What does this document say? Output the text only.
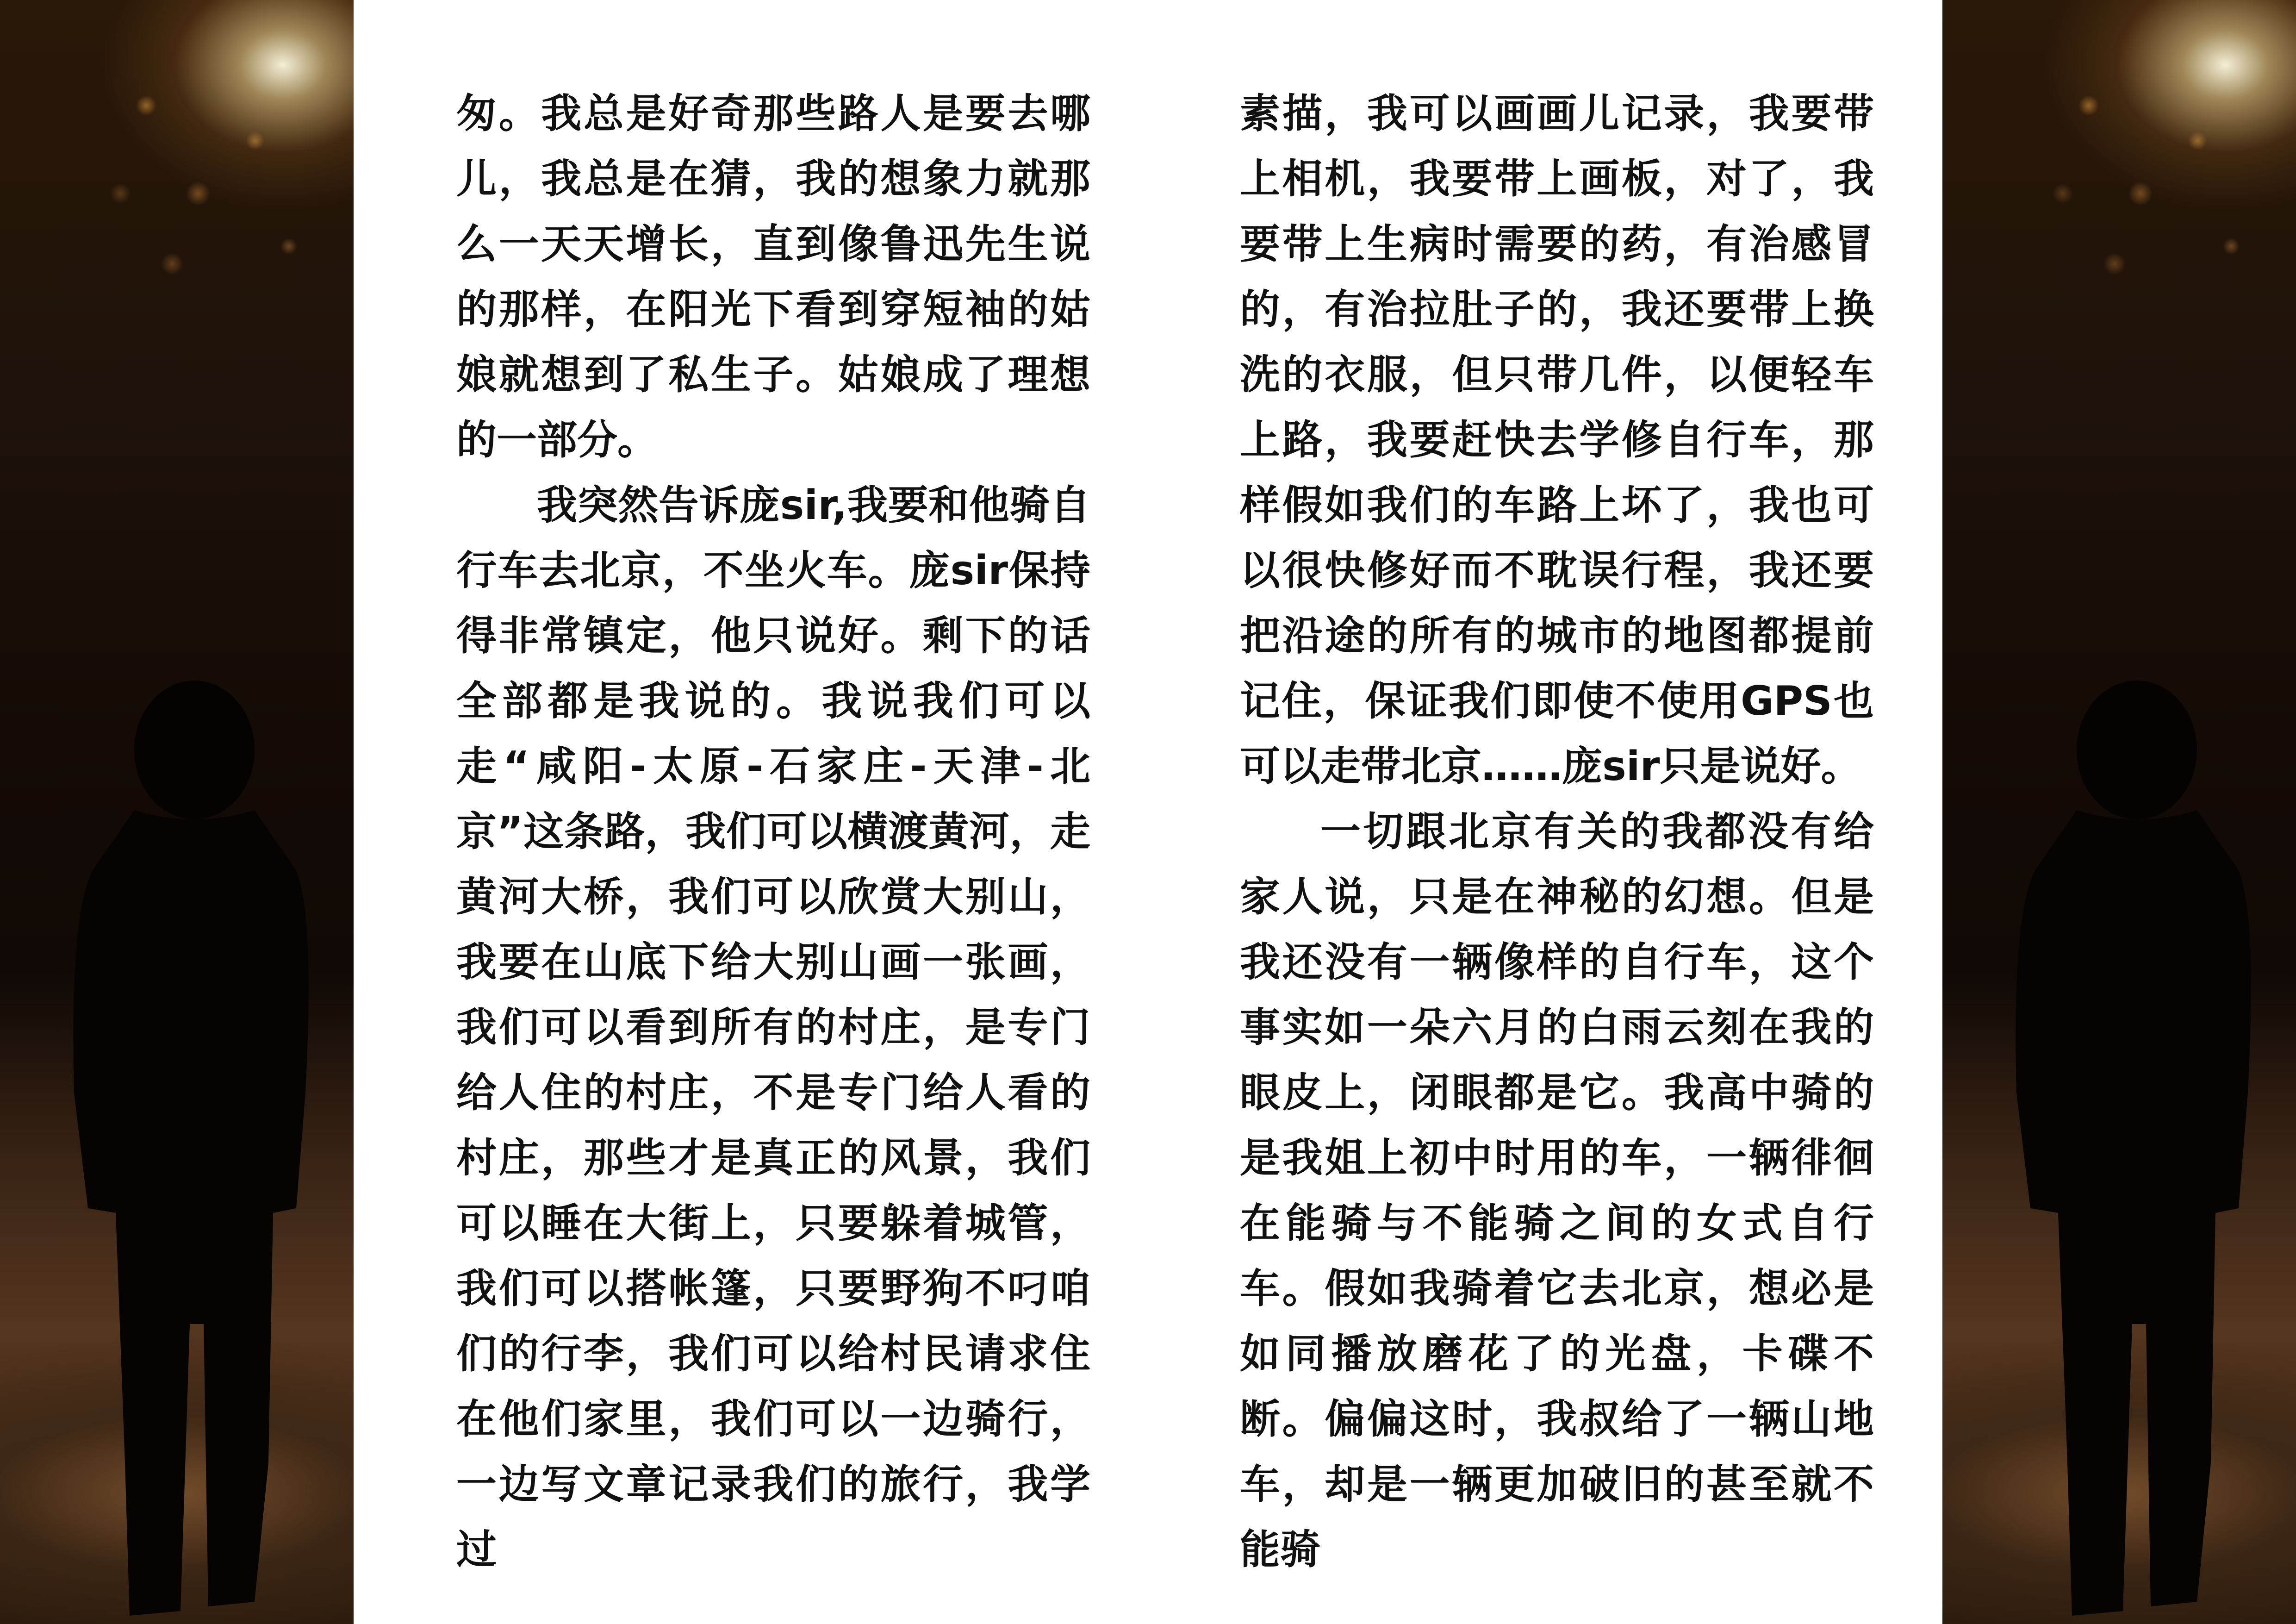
匆。我总是好奇那些路人是要去哪儿，我总是在猜，我的想象力就那么一天天增长，直到像鲁迅先生说的那样，在阳光下看到穿短袖的姑娘就想到了私生子。姑娘成了理想的一部分。

我突然告诉庞sir,我要和他骑自行车去北京，不坐火车。庞sir保持得非常镇定，他只说好。剩下的话全部都是我说的。我说我们可以走“咸阳-太原-石家庄-天津-北京”这条路，我们可以横渡黄河，走黄河大桥，我们可以欣赏大别山，我要在山底下给大别山画一张画，我们可以看到所有的村庄，是专门给人住的村庄，不是专门给人看的村庄，那些才是真正的风景，我们可以睡在大街上，只要躲着城管，我们可以搭帐篷，只要野狗不叼咱们的行李，我们可以给村民请求住在他们家里，我们可以一边骑行，一边写文章记录我们的旅行，我学过

素描，我可以画画儿记录，我要带上相机，我要带上画板，对了，我要带上生病时需要的药，有治感冒的，有治拉肚子的，我还要带上换洗的衣服，但只带几件，以便轻车上路，我要赶快去学修自行车，那样假如我们的车路上坏了，我也可以很快修好而不耽误行程，我还要把沿途的所有的城市的地图都提前记住，保证我们即使不使用GPS也可以走带北京……庞sir只是说好。

一切跟北京有关的我都没有给家人说，只是在神秘的幻想。但是我还没有一辆像样的自行车，这个事实如一朵六月的白雨云刻在我的眼皮上，闭眼都是它。我高中骑的是我姐上初中时用的车，一辆徘徊在能骑与不能骑之间的女式自行车。假如我骑着它去北京，想必是如同播放磨花了的光盘，卡碟不断。偏偏这时，我叔给了一辆山地车，却是一辆更加破旧的甚至就不能骑
